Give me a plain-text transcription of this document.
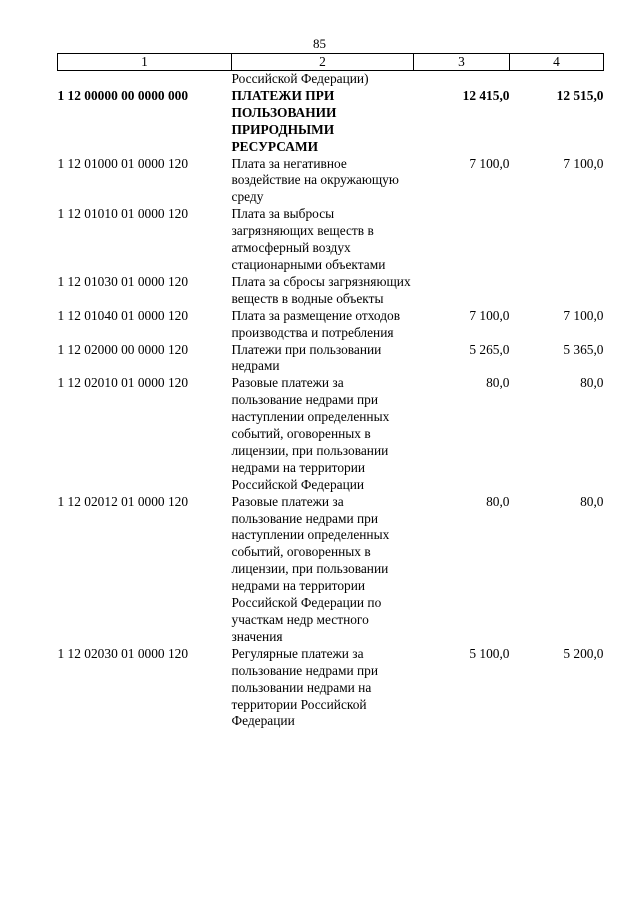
85
1	2	3	4
	Российской Федерации)		
1 12 00000 00 0000 000	ПЛАТЕЖИ ПРИ ПОЛЬЗОВАНИИ ПРИРОДНЫМИ РЕСУРСАМИ	12 415,0	12 515,0
1 12 01000 01 0000 120	Плата за негативное воздействие на окружающую среду	7 100,0	7 100,0
1 12 01010 01 0000 120	Плата за выбросы загрязняющих веществ в атмосферный воздух стационарными объектами		
1 12 01030 01 0000 120	Плата за сбросы загрязняющих веществ в водные объекты		
1 12 01040 01 0000 120	Плата за размещение отходов производства и потребления	7 100,0	7 100,0
1 12 02000 00 0000 120	Платежи при пользовании недрами	5 265,0	5 365,0
1 12 02010 01 0000 120	Разовые платежи за пользование недрами при наступлении определенных событий, оговоренных в лицензии, при пользовании недрами на территории Российской Федерации	80,0	80,0
1 12 02012 01 0000 120	Разовые платежи за пользование недрами при наступлении определенных событий, оговоренных в лицензии, при пользовании недрами на территории Российской Федерации по участкам недр местного значения	80,0	80,0
1 12 02030 01 0000 120	Регулярные платежи за пользование недрами при пользовании недрами на территории Российской Федерации	5 100,0	5 200,0
